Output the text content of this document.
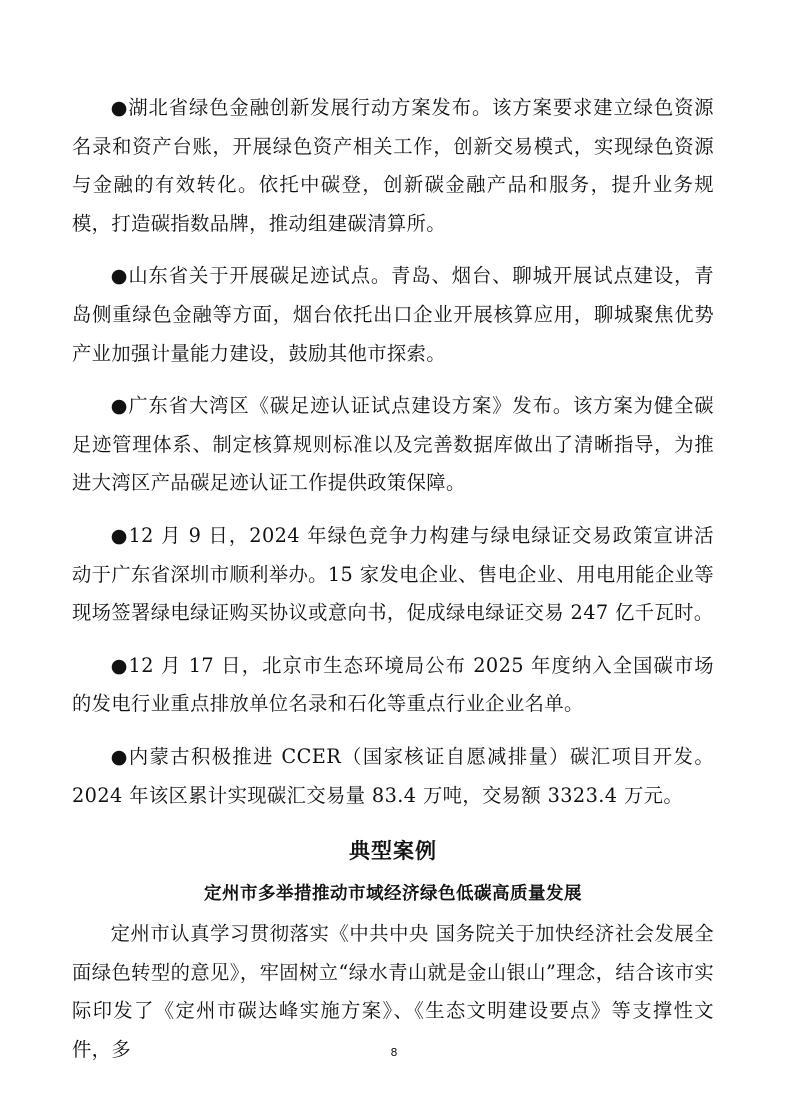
●湖北省绿色金融创新发展行动方案发布。该方案要求建立绿色资源名录和资产台账，开展绿色资产相关工作，创新交易模式，实现绿色资源与金融的有效转化。依托中碳登，创新碳金融产品和服务，提升业务规模，打造碳指数品牌，推动组建碳清算所。

●山东省关于开展碳足迹试点。青岛、烟台、聊城开展试点建设，青岛侧重绿色金融等方面，烟台依托出口企业开展核算应用，聊城聚焦优势产业加强计量能力建设，鼓励其他市探索。

●广东省大湾区《碳足迹认证试点建设方案》发布。该方案为健全碳足迹管理体系、制定核算规则标准以及完善数据库做出了清晰指导，为推进大湾区产品碳足迹认证工作提供政策保障。

●12 月 9 日，2024 年绿色竞争力构建与绿电绿证交易政策宣讲活动于广东省深圳市顺利举办。15 家发电企业、售电企业、用电用能企业等现场签署绿电绿证购买协议或意向书，促成绿电绿证交易 247 亿千瓦时。

●12 月 17 日，北京市生态环境局公布 2025 年度纳入全国碳市场的发电行业重点排放单位名录和石化等重点行业企业名单。

●内蒙古积极推进 CCER（国家核证自愿减排量）碳汇项目开发。2024 年该区累计实现碳汇交易量 83.4 万吨，交易额 3323.4 万元。

典型案例
定州市多举措推动市域经济绿色低碳高质量发展

定州市认真学习贯彻落实《中共中央 国务院关于加快经济社会发展全面绿色转型的意见》，牢固树立“绿水青山就是金山银山”理念，结合该市实际印发了《定州市碳达峰实施方案》、《生态文明建设要点》等支撑性文件，多	8
